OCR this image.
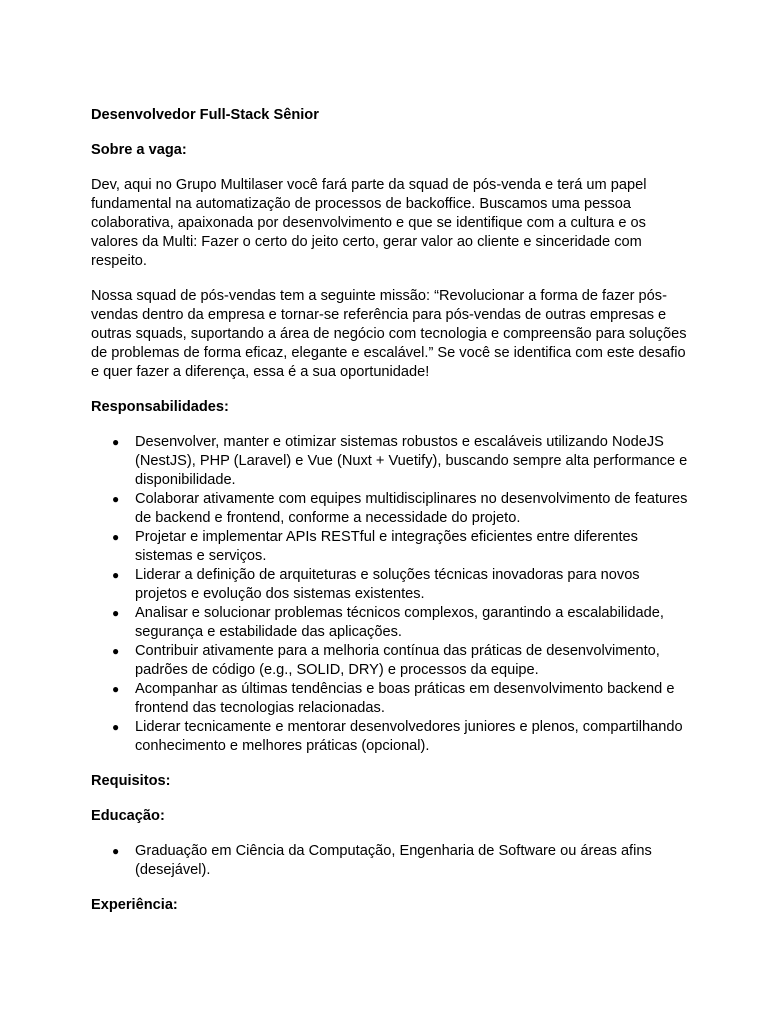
Desenvolvedor Full-Stack Sênior

Sobre a vaga:

Dev, aqui no Grupo Multilaser você fará parte da squad de pós-venda e terá um papel fundamental na automatização de processos de backoffice. Buscamos uma pessoa colaborativa, apaixonada por desenvolvimento e que se identifique com a cultura e os valores da Multi: Fazer o certo do jeito certo, gerar valor ao cliente e sinceridade com respeito.

Nossa squad de pós-vendas tem a seguinte missão: “Revolucionar a forma de fazer pós-vendas dentro da empresa e tornar-se referência para pós-vendas de outras empresas e outras squads, suportando a área de negócio com tecnologia e compreensão para soluções de problemas de forma eficaz, elegante e escalável.” Se você se identifica com este desafio e quer fazer a diferença, essa é a sua oportunidade!

Responsabilidades:

● Desenvolver, manter e otimizar sistemas robustos e escaláveis utilizando NodeJS (NestJS), PHP (Laravel) e Vue (Nuxt + Vuetify), buscando sempre alta performance e disponibilidade.
● Colaborar ativamente com equipes multidisciplinares no desenvolvimento de features de backend e frontend, conforme a necessidade do projeto.
● Projetar e implementar APIs RESTful e integrações eficientes entre diferentes sistemas e serviços.
● Liderar a definição de arquiteturas e soluções técnicas inovadoras para novos projetos e evolução dos sistemas existentes.
● Analisar e solucionar problemas técnicos complexos, garantindo a escalabilidade, segurança e estabilidade das aplicações.
● Contribuir ativamente para a melhoria contínua das práticas de desenvolvimento, padrões de código (e.g., SOLID, DRY) e processos da equipe.
● Acompanhar as últimas tendências e boas práticas em desenvolvimento backend e frontend das tecnologias relacionadas.
● Liderar tecnicamente e mentorar desenvolvedores juniores e plenos, compartilhando conhecimento e melhores práticas (opcional).

Requisitos:

Educação:

● Graduação em Ciência da Computação, Engenharia de Software ou áreas afins (desejável).

Experiência:
